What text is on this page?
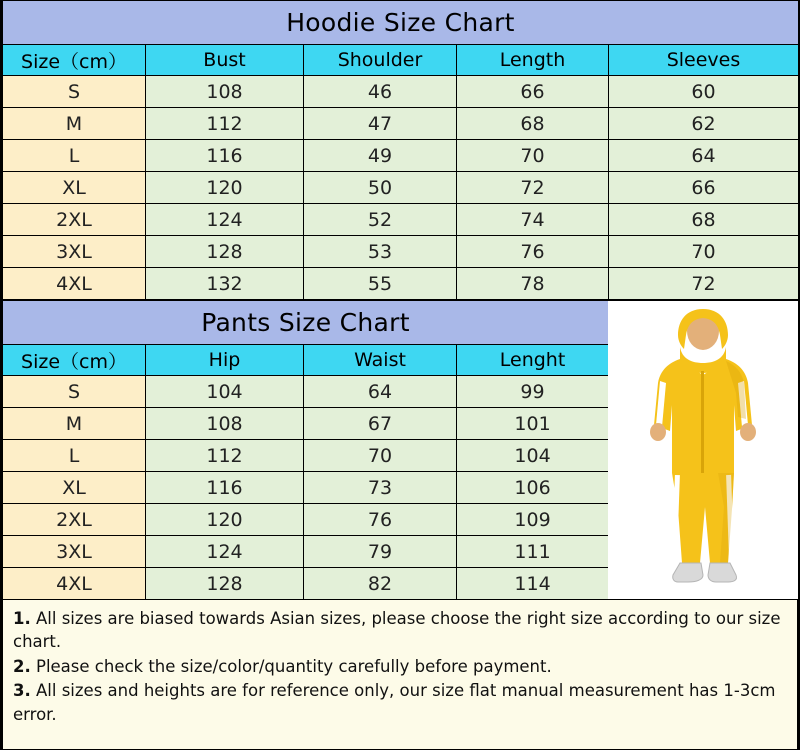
Hoodie Size Chart				
Size（cm）	Bust	Shoulder	Length	Sleeves
S	108	46	66	60
M	112	47	68	62
L	116	49	70	64
XL	120	50	72	66
2XL	124	52	74	68
3XL	128	53	76	70
4XL	132	55	78	72
Pants Size Chart			
Size（cm）	Hip	Waist	Lenght
S	104	64	99
M	108	67	101
L	112	70	104
XL	116	73	106
2XL	120	76	109
3XL	124	79	111
4XL	128	82	114

1. All sizes are biased towards Asian sizes, please choose the right size according to our size chart.

2. Please check the size/color/quantity carefully before payment.

3. All sizes and heights are for reference only, our size flat manual measurement has 1-3cm error.
